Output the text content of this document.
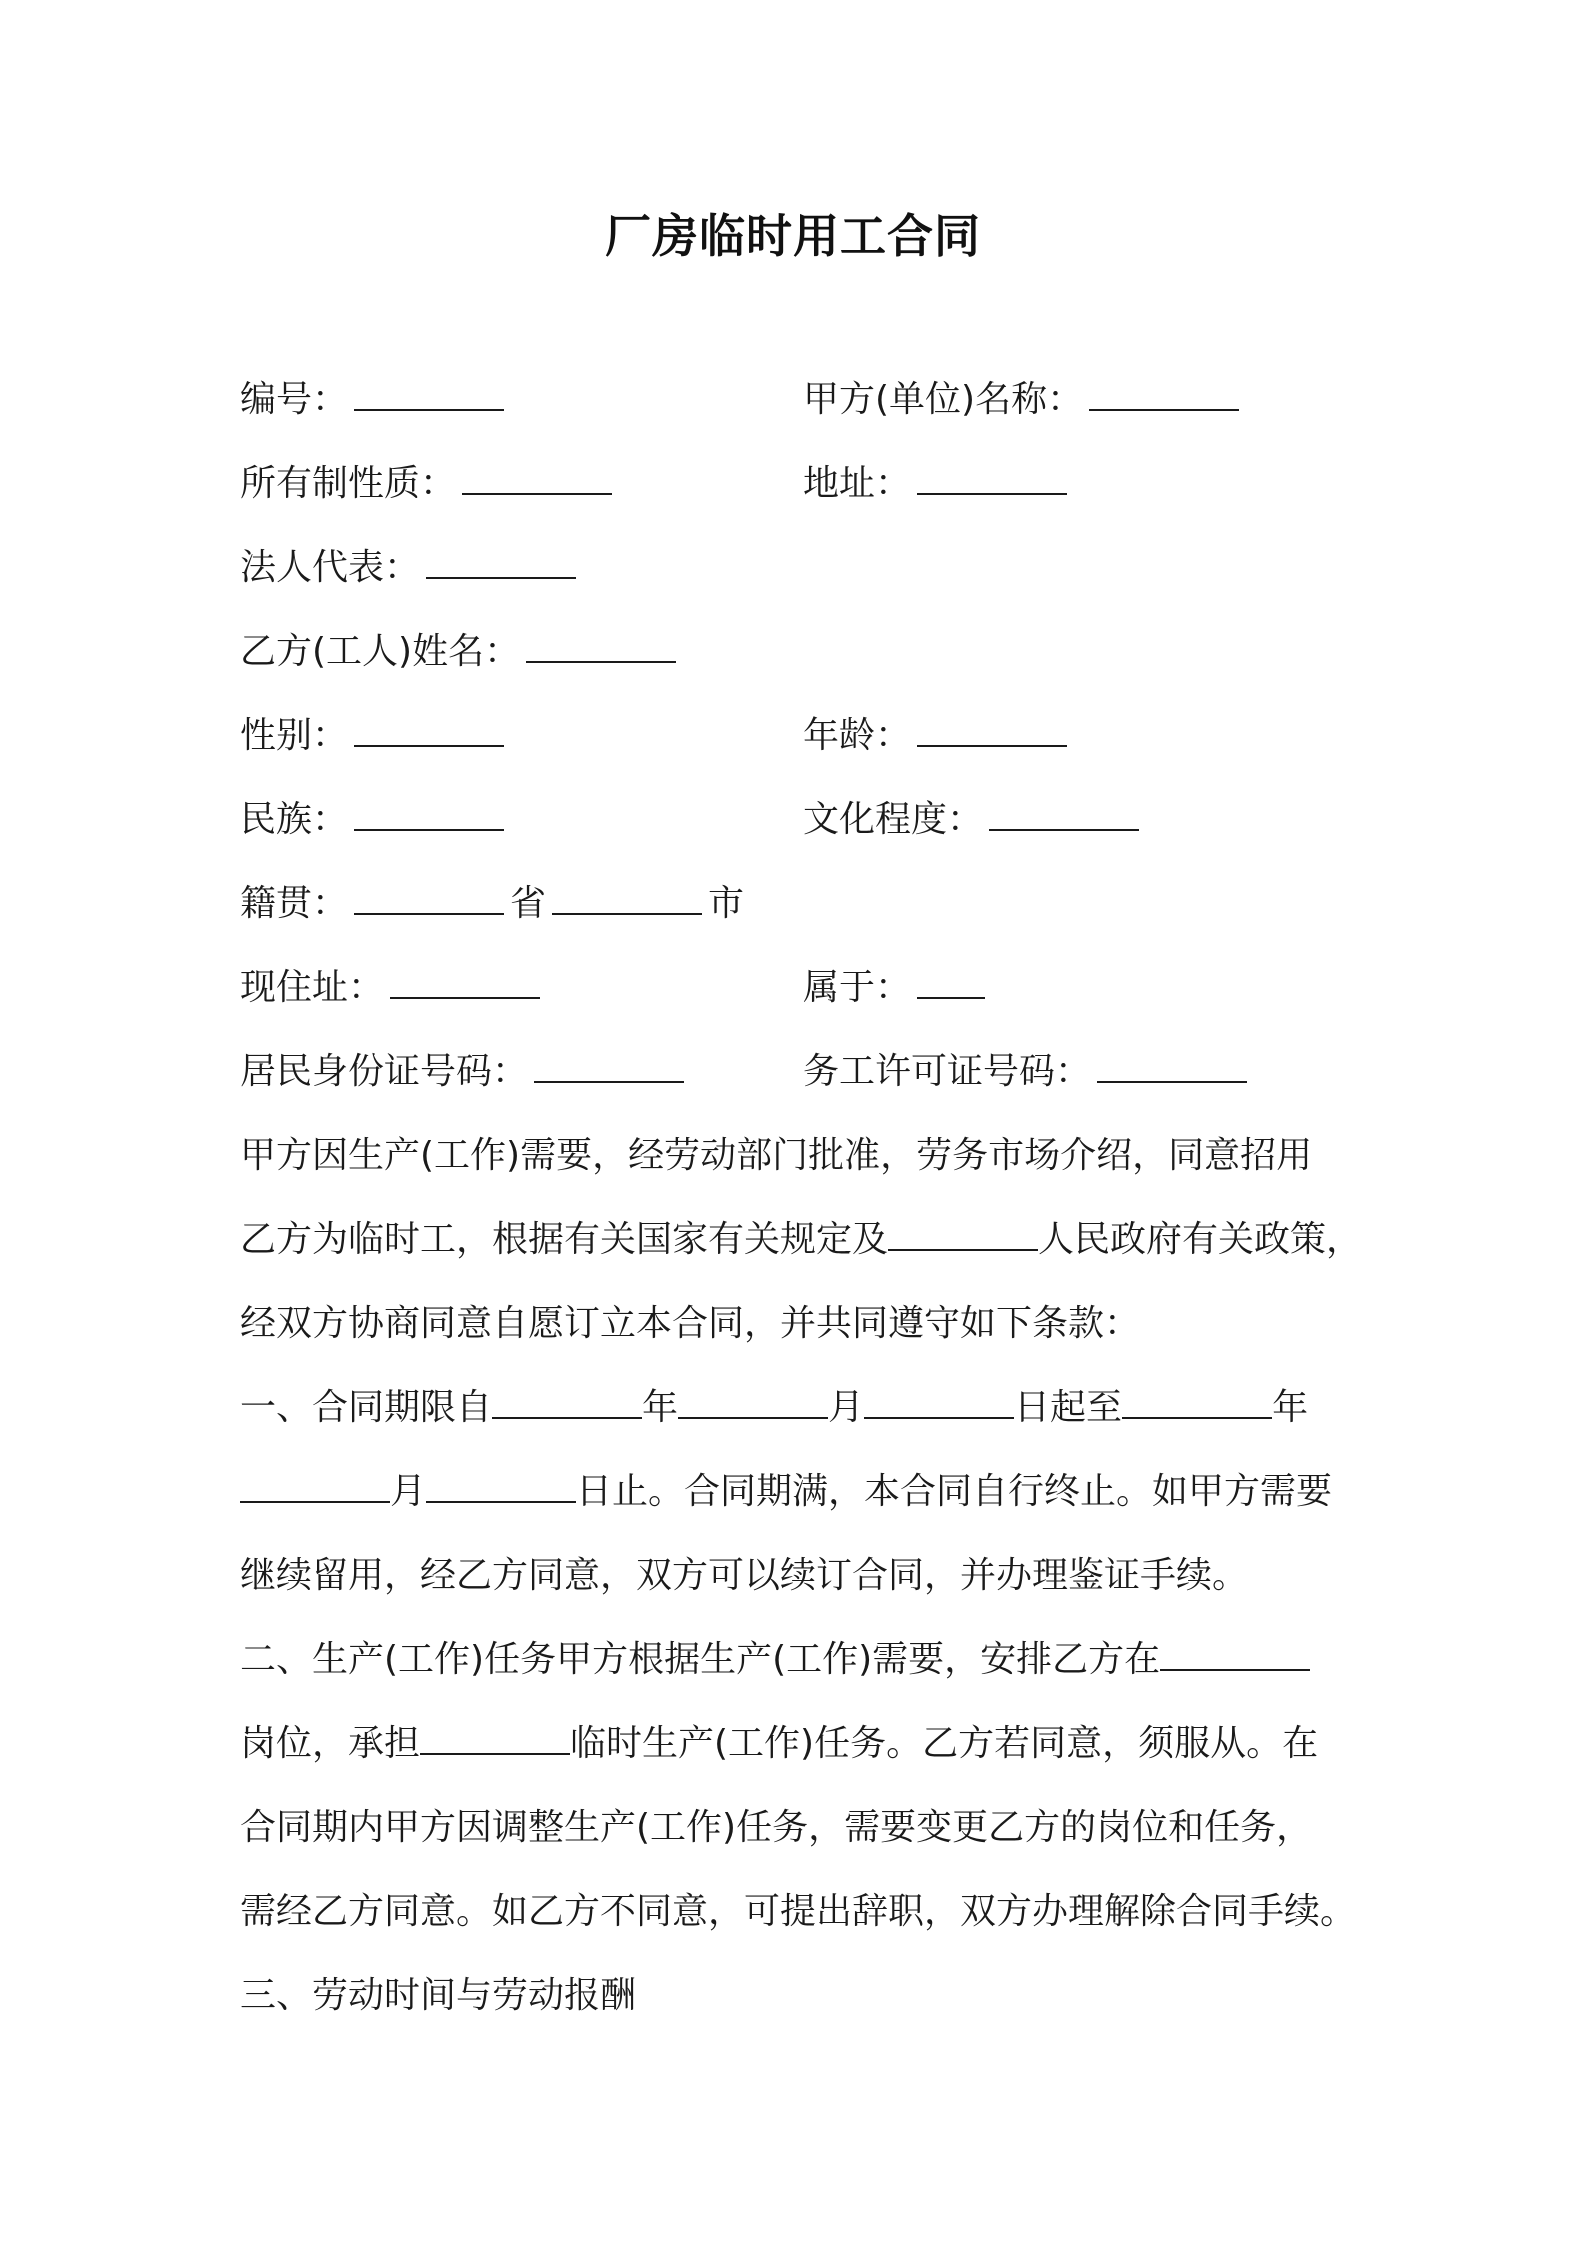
厂房临时用工合同
编号：	甲方(单位)名称：
所有制性质：	地址：
法人代表：
乙方(工人)姓名：
性别：	年龄：
民族：	文化程度：
籍贯：	省	市
现住址：	属于：
居民身份证号码：	务工许可证号码：
甲方因生产(工作)需要，经劳动部门批准，劳务市场介绍，同意招用
乙方为临时工，根据有关国家有关规定及	人民政府有关政策，
经双方协商同意自愿订立本合同，并共同遵守如下条款：
一、合同期限自	年	月	日起至	年
月	日止。合同期满，本合同自行终止。如甲方需要
继续留用，经乙方同意，双方可以续订合同，并办理鉴证手续。
二、生产(工作)任务甲方根据生产(工作)需要，安排乙方在
岗位，承担	临时生产(工作)任务。乙方若同意，须服从。在
合同期内甲方因调整生产(工作)任务，需要变更乙方的岗位和任务，
需经乙方同意。如乙方不同意，可提出辞职，双方办理解除合同手续。
三、劳动时间与劳动报酬
